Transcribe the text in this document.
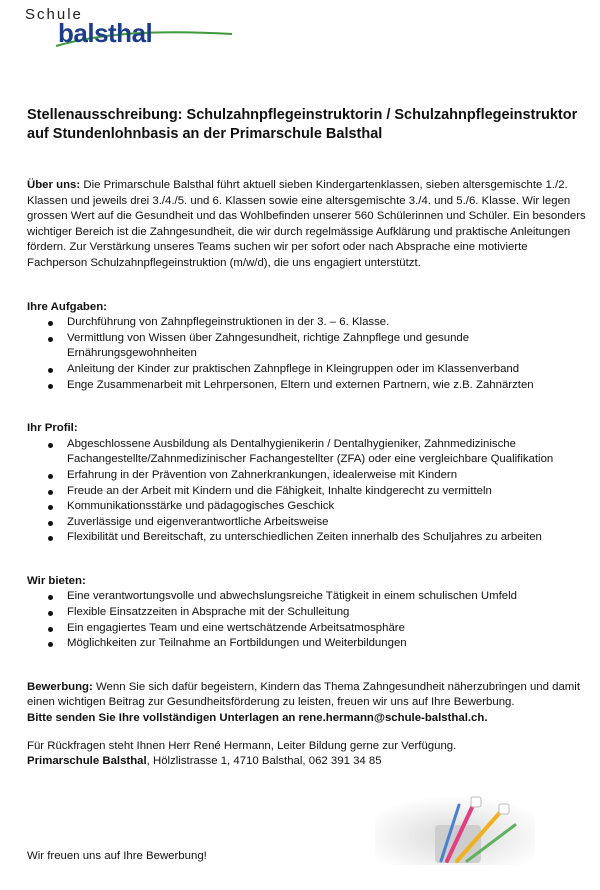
Schule
balsthal
Stellenausschreibung: Schulzahnpflegeinstruktorin / Schulzahnpflegeinstruktor auf Stundenlohnbasis an der Primarschule Balsthal

Über uns: Die Primarschule Balsthal führt aktuell sieben Kindergartenklassen, sieben altersgemischte 1./2. Klassen und jeweils drei 3./4./5. und 6. Klassen sowie eine altersgemischte 3./4. und 5./6. Klasse. Wir legen grossen Wert auf die Gesundheit und das Wohlbefinden unserer 560 Schülerinnen und Schüler. Ein besonders wichtiger Bereich ist die Zahngesundheit, die wir durch regelmässige Aufklärung und praktische Anleitungen fördern. Zur Verstärkung unseres Teams suchen wir per sofort oder nach Absprache eine motivierte Fachperson Schulzahnpflegeinstruktion (m/w/d), die uns engagiert unterstützt.

Ihre Aufgaben:

Durchführung von Zahnpflegeinstruktionen in der 3. – 6. Klasse.
Vermittlung von Wissen über Zahngesundheit, richtige Zahnpflege und gesunde Ernährungsgewohnheiten
Anleitung der Kinder zur praktischen Zahnpflege in Kleingruppen oder im Klassenverband
Enge Zusammenarbeit mit Lehrpersonen, Eltern und externen Partnern, wie z.B. Zahnärzten

Ihr Profil:

Abgeschlossene Ausbildung als Dentalhygienikerin / Dentalhygieniker, Zahnmedizinische Fachangestellte/Zahnmedizinischer Fachangestellter (ZFA) oder eine vergleichbare Qualifikation
Erfahrung in der Prävention von Zahnerkrankungen, idealerweise mit Kindern
Freude an der Arbeit mit Kindern und die Fähigkeit, Inhalte kindgerecht zu vermitteln
Kommunikationsstärke und pädagogisches Geschick
Zuverlässige und eigenverantwortliche Arbeitsweise
Flexibilität und Bereitschaft, zu unterschiedlichen Zeiten innerhalb des Schuljahres zu arbeiten

Wir bieten:

Eine verantwortungsvolle und abwechslungsreiche Tätigkeit in einem schulischen Umfeld
Flexible Einsatzzeiten in Absprache mit der Schulleitung
Ein engagiertes Team und eine wertschätzende Arbeitsatmosphäre
Möglichkeiten zur Teilnahme an Fortbildungen und Weiterbildungen

Bewerbung: Wenn Sie sich dafür begeistern, Kindern das Thema Zahngesundheit näherzubringen und damit einen wichtigen Beitrag zur Gesundheitsförderung zu leisten, freuen wir uns auf Ihre Bewerbung.

Bitte senden Sie Ihre vollständigen Unterlagen an rene.hermann@schule-balsthal.ch.

Für Rückfragen steht Ihnen Herr René Hermann, Leiter Bildung gerne zur Verfügung.

Primarschule Balsthal, Hölzlistrasse 1, 4710 Balsthal, 062 391 34 85

Wir freuen uns auf Ihre Bewerbung!
